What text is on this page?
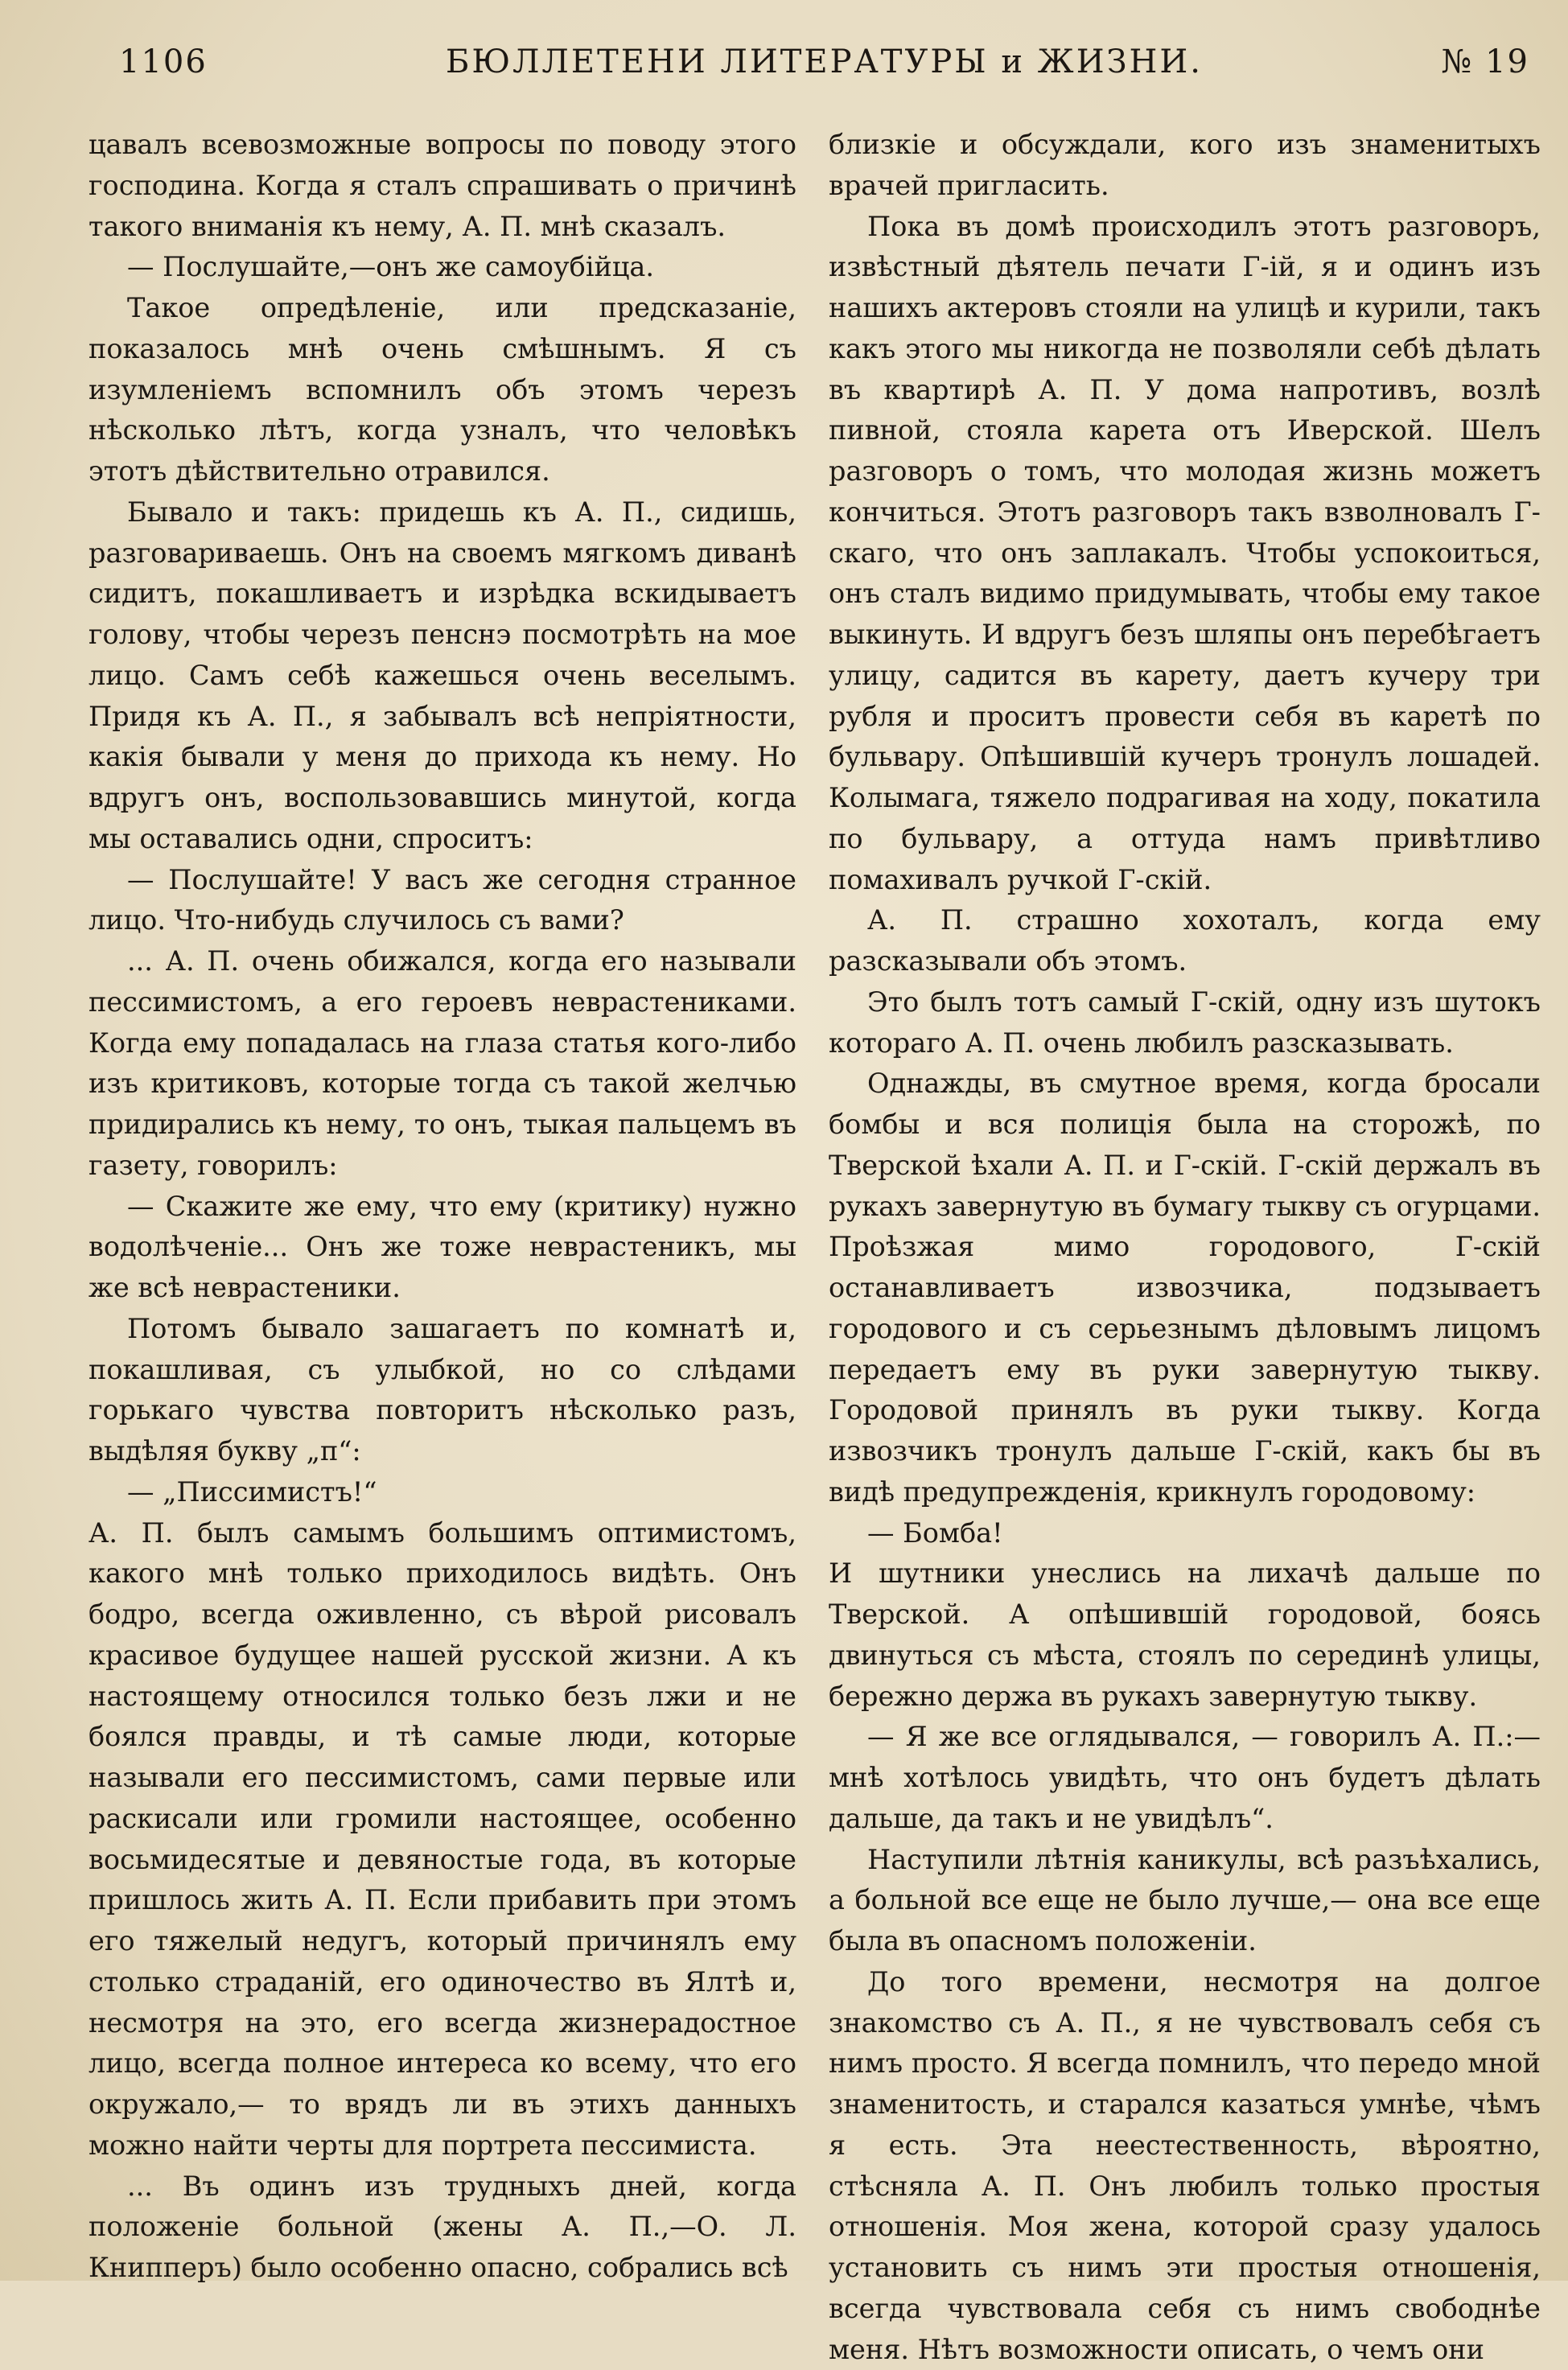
1106	БЮЛЛЕТЕНИ ЛИТЕРАТУРЫ и ЖИЗНИ.	№ 19

цавалъ всевозможные вопросы по поводу этого господина. Когда я сталъ спрашивать о причинѣ такого вниманія къ нему, А. П. мнѣ сказалъ.

— Послушайте,—онъ же самоубійца.

Такое опредѣленіе, или предсказаніе, показалось мнѣ очень смѣшнымъ. Я съ изумленіемъ вспомнилъ объ этомъ черезъ нѣсколько лѣтъ, когда узналъ, что человѣкъ этотъ дѣйствительно отравился.

Бывало и такъ: придешь къ А. П., сидишь, разговариваешь. Онъ на своемъ мягкомъ диванѣ сидитъ, покашливаетъ и изрѣдка вскидываетъ голову, чтобы черезъ пенснэ посмотрѣть на мое лицо. Самъ себѣ кажешься очень веселымъ. Придя къ А. П., я забывалъ всѣ непріятности, какія бывали у меня до прихода къ нему. Но вдругъ онъ, воспользовавшись минутой, когда мы оставались одни, спроситъ:

— Послушайте! У васъ же сегодня странное лицо. Что-нибудь случилось съ вами?

... А. П. очень обижался, когда его называли пессимистомъ, а его героевъ неврастениками. Когда ему попадалась на глаза статья кого-либо изъ критиковъ, которые тогда съ такой желчью придирались къ нему, то онъ, тыкая пальцемъ въ газету, говорилъ:

— Скажите же ему, что ему (критику) нужно водолѣченіе... Онъ же тоже неврастеникъ, мы же всѣ неврастеники.

Потомъ бывало зашагаетъ по комнатѣ и, покашливая, съ улыбкой, но со слѣдами горькаго чувства повторитъ нѣсколько разъ, выдѣляя букву „п“:

— „Писсимистъ!“

А. П. былъ самымъ большимъ оптимистомъ, какого мнѣ только приходилось видѣть. Онъ бодро, всегда оживленно, съ вѣрой рисовалъ красивое будущее нашей русской жизни. А къ настоящему относился только безъ лжи и не боялся правды, и тѣ самые люди, которые называли его пессимистомъ, сами первые или раскисали или громили настоящее, особенно восьмидесятые и девяностые года, въ которые пришлось жить А. П. Если прибавить при этомъ его тяжелый недугъ, который причинялъ ему столько страданій, его одиночество въ Ялтѣ и, несмотря на это, его всегда жизнерадостное лицо, всегда полное интереса ко всему, что его окружало,— то врядъ ли въ этихъ данныхъ можно найти черты для портрета пессимиста.

... Въ одинъ изъ трудныхъ дней, когда положеніе больной (жены А. П.,—О. Л. Книпперъ) было особенно опасно, собрались всѣ

близкіе и обсуждали, кого изъ знаменитыхъ врачей пригласить.

Пока въ домѣ происходилъ этотъ разговоръ, извѣстный дѣятель печати Г-ій, я и одинъ изъ нашихъ актеровъ стояли на улицѣ и курили, такъ какъ этого мы никогда не позволяли себѣ дѣлать въ квартирѣ А. П. У дома напротивъ, возлѣ пивной, стояла карета отъ Иверской. Шелъ разговоръ о томъ, что молодая жизнь можетъ кончиться. Этотъ разговоръ такъ взволновалъ Г-скаго, что онъ заплакалъ. Чтобы успокоиться, онъ сталъ видимо придумывать, чтобы ему такое выкинуть. И вдругъ безъ шляпы онъ перебѣгаетъ улицу, садится въ карету, даетъ кучеру три рубля и проситъ провести себя въ каретѣ по бульвару. Опѣшившій кучеръ тронулъ лошадей. Колымага, тяжело подрагивая на ходу, покатила по бульвару, а оттуда намъ привѣтливо помахивалъ ручкой Г-скій.

А. П. страшно хохоталъ, когда ему разсказывали объ этомъ.

Это былъ тотъ самый Г-скій, одну изъ шутокъ котораго А. П. очень любилъ разсказывать.

Однажды, въ смутное время, когда бросали бомбы и вся полиція была на сторожѣ, по Тверской ѣхали А. П. и Г-скій. Г-скій держалъ въ рукахъ завернутую въ бумагу тыкву съ огурцами. Проѣзжая мимо городового, Г-скій останавливаетъ извозчика, подзываетъ городового и съ серьезнымъ дѣловымъ лицомъ передаетъ ему въ руки завернутую тыкву. Городовой принялъ въ руки тыкву. Когда извозчикъ тронулъ дальше Г-скій, какъ бы въ видѣ предупрежденія, крикнулъ городовому:

— Бомба!

И шутники унеслись на лихачѣ дальше по Тверской. А опѣшившій городовой, боясь двинуться съ мѣста, стоялъ по серединѣ улицы, бережно держа въ рукахъ завернутую тыкву.

— Я же все оглядывался, — говорилъ А. П.:—мнѣ хотѣлось увидѣть, что онъ будетъ дѣлать дальше, да такъ и не увидѣлъ“.

Наступили лѣтнія каникулы, всѣ разъѣхались, а больной все еще не было лучше,— она все еще была въ опасномъ положеніи.

До того времени, несмотря на долгое знакомство съ А. П., я не чувствовалъ себя съ нимъ просто. Я всегда помнилъ, что передо мной знаменитость, и старался казаться умнѣе, чѣмъ я есть. Эта неестественность, вѣроятно, стѣсняла А. П. Онъ любилъ только простыя отношенія. Моя жена, которой сразу удалось установить съ нимъ эти простыя отношенія, всегда чувствовала себя съ нимъ свободнѣе меня. Нѣтъ возможности описать, о чемъ они
